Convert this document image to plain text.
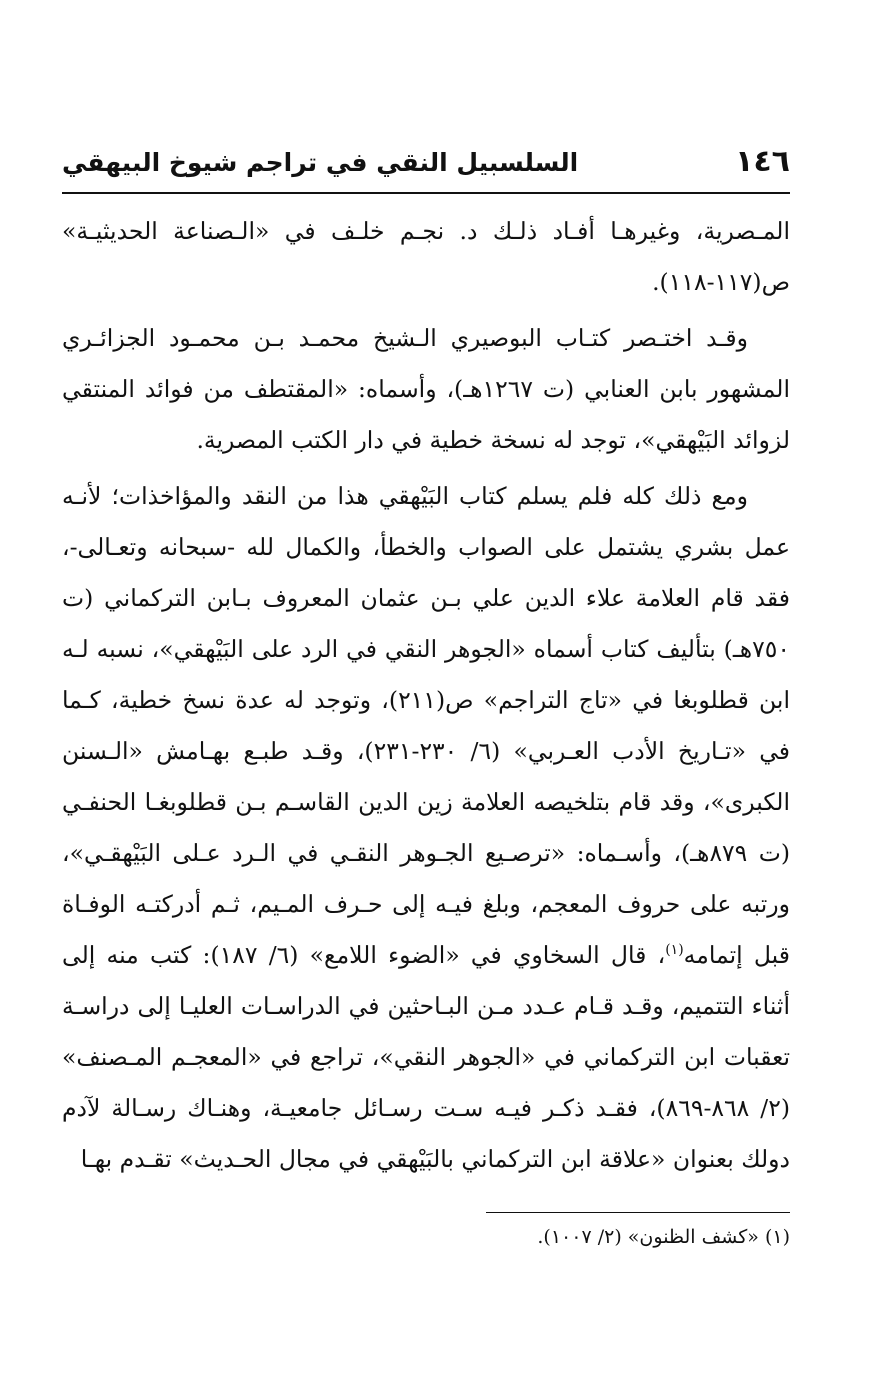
١٤٦
السلسبيل النقي في تراجم شيوخ البيهقي

المـصرية، وغيرهـا أفـاد ذلـك د. نجـم خلـف في «الـصناعة الحديثيـة» ص(١١٧-١١٨).

وقـد اختـصر كتـاب البوصيري الـشيخ محمـد بـن محمـود الجزائـري المشهور بابن العنابي (ت ١٢٦٧هـ)، وأسماه: «المقتطف من فوائد المنتقي لزوائد البَيْهقي»، توجد له نسخة خطية في دار الكتب المصرية.

ومع ذلك كله فلم يسلم كتاب البَيْهقي هذا من النقد والمؤاخذات؛ لأنـه عمل بشري يشتمل على الصواب والخطأ، والكمال لله -سبحانه وتعـالى-، فقد قام العلامة علاء الدين علي بـن عثمان المعروف بـابن التركماني (ت ٧٥٠هـ) بتأليف كتاب أسماه «الجوهر النقي في الرد على البَيْهقي»، نسبه لـه ابن قطلوبغا في «تاج التراجم» ص(٢١١)، وتوجد له عدة نسخ خطية، كـما في «تـاريخ الأدب العـربي» (٦/ ٢٣٠-٢٣١)، وقـد طبـع بهـامش «الـسنن الكبرى»، وقد قام بتلخيصه العلامة زين الدين القاسـم بـن قطلوبغـا الحنفـي (ت ٨٧٩هـ)، وأسـماه: «ترصـيع الجـوهر النقـي في الـرد عـلى البَيْهقـي»، ورتبه على حروف المعجم، وبلغ فيـه إلى حـرف المـيم، ثـم أدركتـه الوفـاة قبل إتمامه$^{(١)}$، قال السخاوي في «الضوء اللامع» (٦/ ١٨٧): كتب منه إلى أثناء التتميم، وقـد قـام عـدد مـن البـاحثين في الدراسـات العليـا إلى دراسـة تعقبات ابن التركماني في «الجوهر النقي»، تراجع في «المعجـم المـصنف» (٢/ ٨٦٨-٨٦٩)، فقـد ذكـر فيـه سـت رسـائل جامعيـة، وهنـاك رسـالة لآدم دولك بعنوان «علاقة ابن التركماني بالبَيْهقي في مجال الحـديث» تقـدم بهـا

(١) «كشف الظنون» (٢/ ١٠٠٧).
